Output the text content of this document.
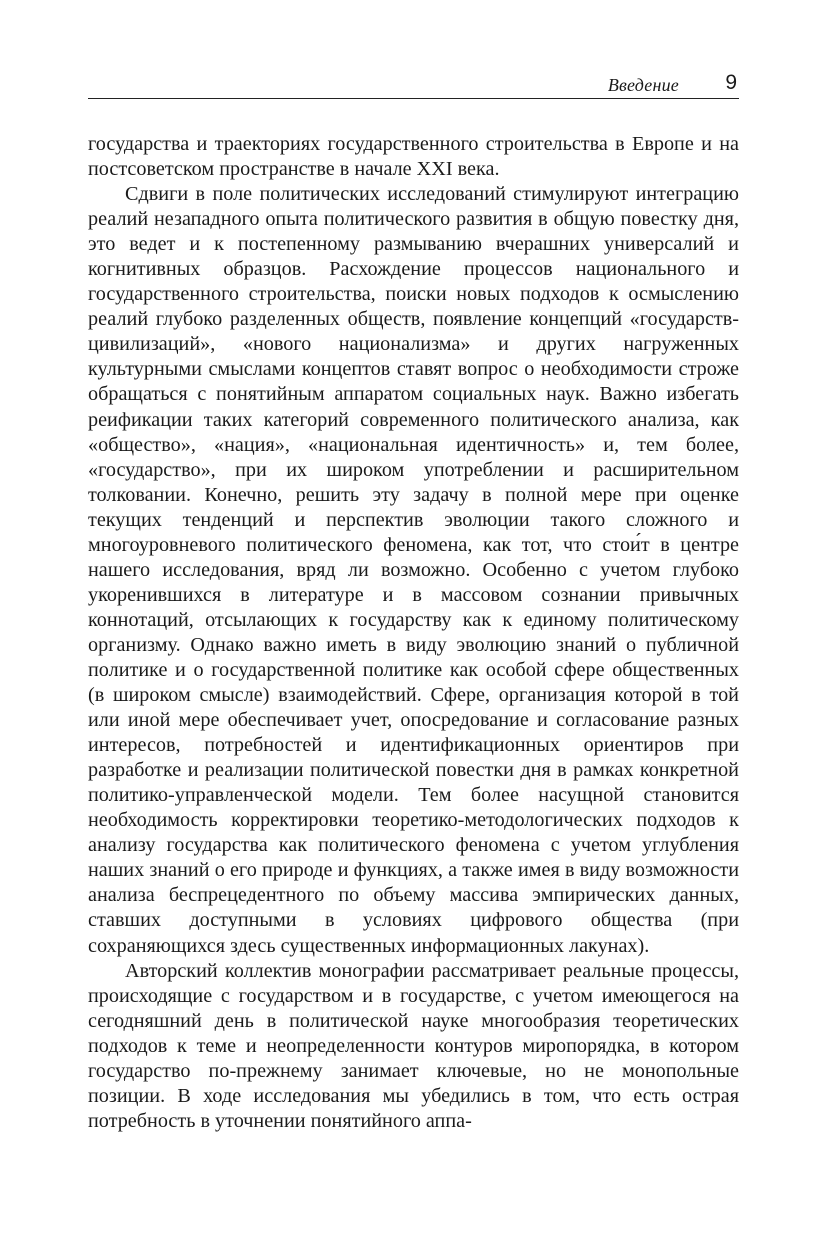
Введение 9

государства и траекториях государственного строительства в Европе и на постсоветском пространстве в начале XXI века.

Сдвиги в поле политических исследований стимулируют интеграцию реалий незападного опыта политического развития в общую повестку дня, это ведет и к постепенному размыванию вчерашних универсалий и когнитивных образцов. Расхождение процессов национального и государственного строительства, поиски новых подходов к осмыслению реалий глубоко разделенных обществ, появление концепций «государств-цивилизаций», «нового национализма» и других нагруженных культурными смыслами концептов ставят вопрос о необходимости строже обращаться с понятийным аппаратом социальных наук. Важно избегать реификации таких категорий современного политического анализа, как «общество», «нация», «национальная идентичность» и, тем более, «государство», при их широком употреблении и расширительном толковании. Конечно, решить эту задачу в полной мере при оценке текущих тенденций и перспектив эволюции такого сложного и многоуровневого политического феномена, как тот, что стои́т в центре нашего исследования, вряд ли возможно. Особенно с учетом глубоко укоренившихся в литературе и в массовом сознании привычных коннотаций, отсылающих к государству как к единому политическому организму. Однако важно иметь в виду эволюцию знаний о публичной политике и о государственной политике как особой сфере общественных (в широком смысле) взаимодействий. Сфере, организация которой в той или иной мере обеспечивает учет, опосредование и согласование разных интересов, потребностей и идентификационных ориентиров при разработке и реализации политической повестки дня в рамках конкретной политико-управленческой модели. Тем более насущной становится необходимость корректировки теоретико-методологических подходов к анализу государства как политического феномена с учетом углубления наших знаний о его природе и функциях, а также имея в виду возможности анализа беспрецедентного по объему массива эмпирических данных, ставших доступными в условиях цифрового общества (при сохраняющихся здесь существенных информационных лакунах).

Авторский коллектив монографии рассматривает реальные процессы, происходящие с государством и в государстве, с учетом имеющегося на сегодняшний день в политической науке многообразия теоретических подходов к теме и неопределенности контуров миропорядка, в котором государство по-прежнему занимает ключевые, но не монопольные позиции. В ходе исследования мы убедились в том, что есть острая потребность в уточнении понятийного аппа-
